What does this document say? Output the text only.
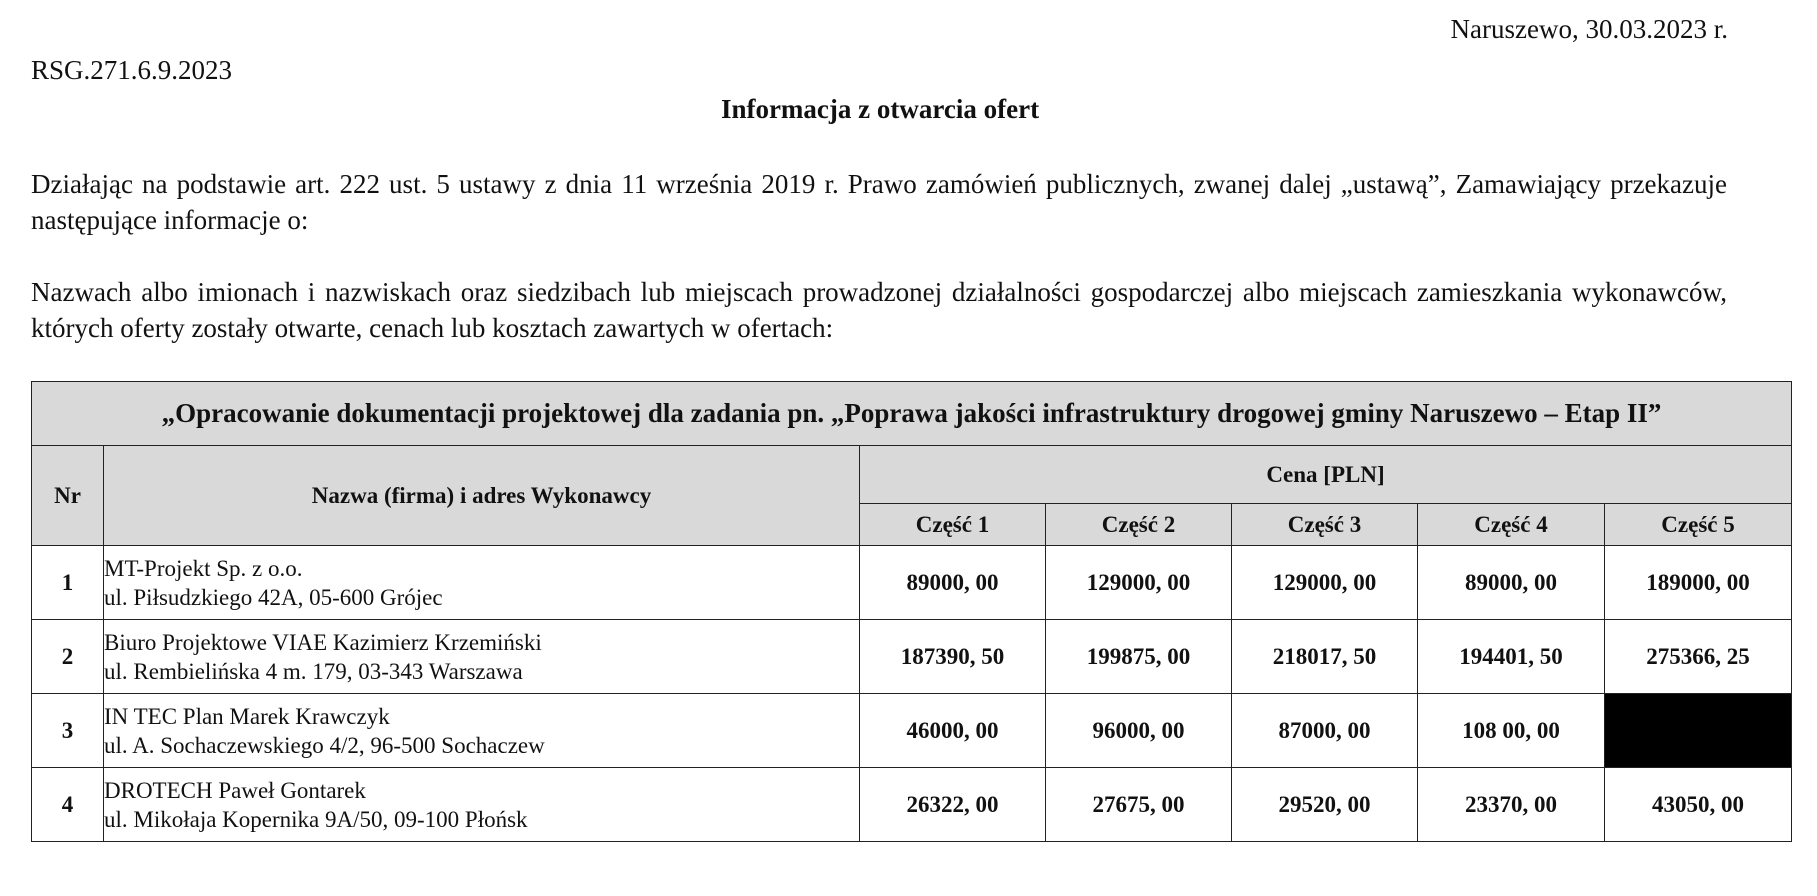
Naruszewo, 30.03.2023 r.
RSG.271.6.9.2023
Informacja z otwarcia ofert
Działając na podstawie art. 222 ust. 5 ustawy z dnia 11 września 2019 r. Prawo zamówień publicznych, zwanej dalej „ustawą”, Zamawiający przekazuje następujące informacje o:
Nazwach albo imionach i nazwiskach oraz siedzibach lub miejscach prowadzonej działalności gospodarczej albo miejscach zamieszkania wykonawców, których oferty zostały otwarte, cenach lub kosztach zawartych w ofertach:
„Opracowanie dokumentacji projektowej dla zadania pn. „Poprawa jakości infrastruktury drogowej gminy Naruszewo – Etap II”						
Nr	Nazwa (firma) i adres Wykonawcy	Cena [PLN]				
		Część 1	Część 2	Część 3	Część 4	Część 5
1	MT-Projekt Sp. z o.o.
ul. Piłsudzkiego 42A, 05-600 Grójec	89000, 00	129000, 00	129000, 00	89000, 00	189000, 00
2	Biuro Projektowe VIAE Kazimierz Krzemiński
ul. Rembielińska 4 m. 179, 03-343 Warszawa	187390, 50	199875, 00	218017, 50	194401, 50	275366, 25
3	IN TEC Plan Marek Krawczyk
ul. A. Sochaczewskiego 4/2, 96-500 Sochaczew	46000, 00	96000, 00	87000, 00	108 00, 00	
4	DROTECH Paweł Gontarek
ul. Mikołaja Kopernika 9A/50, 09-100 Płońsk	26322, 00	27675, 00	29520, 00	23370, 00	43050, 00
